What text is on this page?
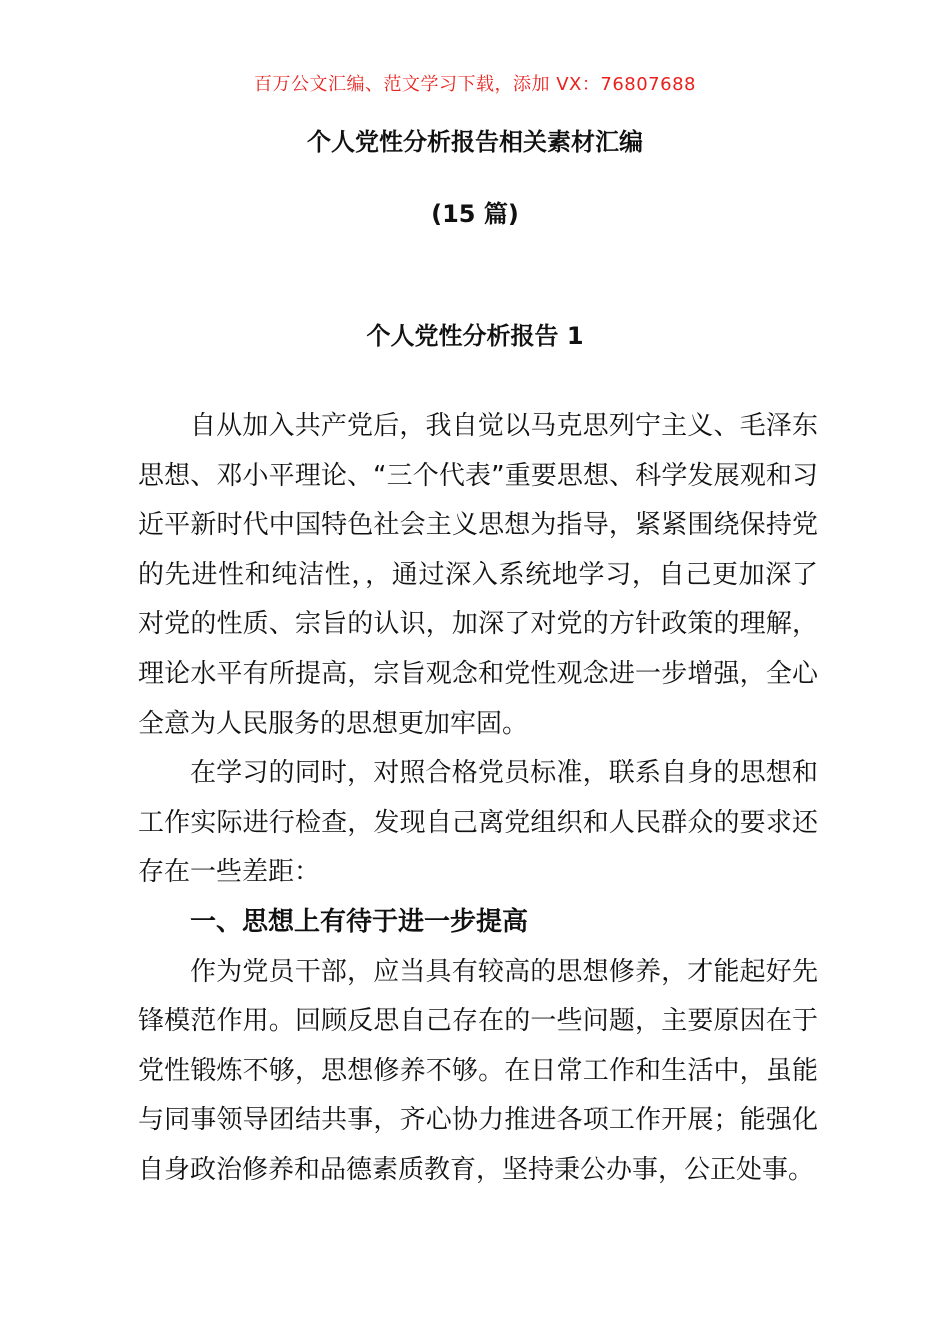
百万公文汇编、范文学习下载，添加 VX：76807688
个人党性分析报告相关素材汇编
(15 篇)
个人党性分析报告 1

自从加入共产党后，我自觉以马克思列宁主义、毛泽东思想、邓小平理论、“三个代表”重要思想、科学发展观和习近平新时代中国特色社会主义思想为指导，紧紧围绕保持党的先进性和纯洁性，，通过深入系统地学习，自己更加深了对党的性质、宗旨的认识，加深了对党的方针政策的理解，理论水平有所提高，宗旨观念和党性观念进一步增强，全心全意为人民服务的思想更加牢固。

在学习的同时，对照合格党员标准，联系自身的思想和工作实际进行检查，发现自己离党组织和人民群众的要求还存在一些差距：

一、思想上有待于进一步提高

作为党员干部，应当具有较高的思想修养，才能起好先锋模范作用。回顾反思自己存在的一些问题，主要原因在于党性锻炼不够，思想修养不够。在日常工作和生活中，虽能与同事领导团结共事，齐心协力推进各项工作开展；能强化自身政治修养和品德素质教育，坚持秉公办事，公正处事。
